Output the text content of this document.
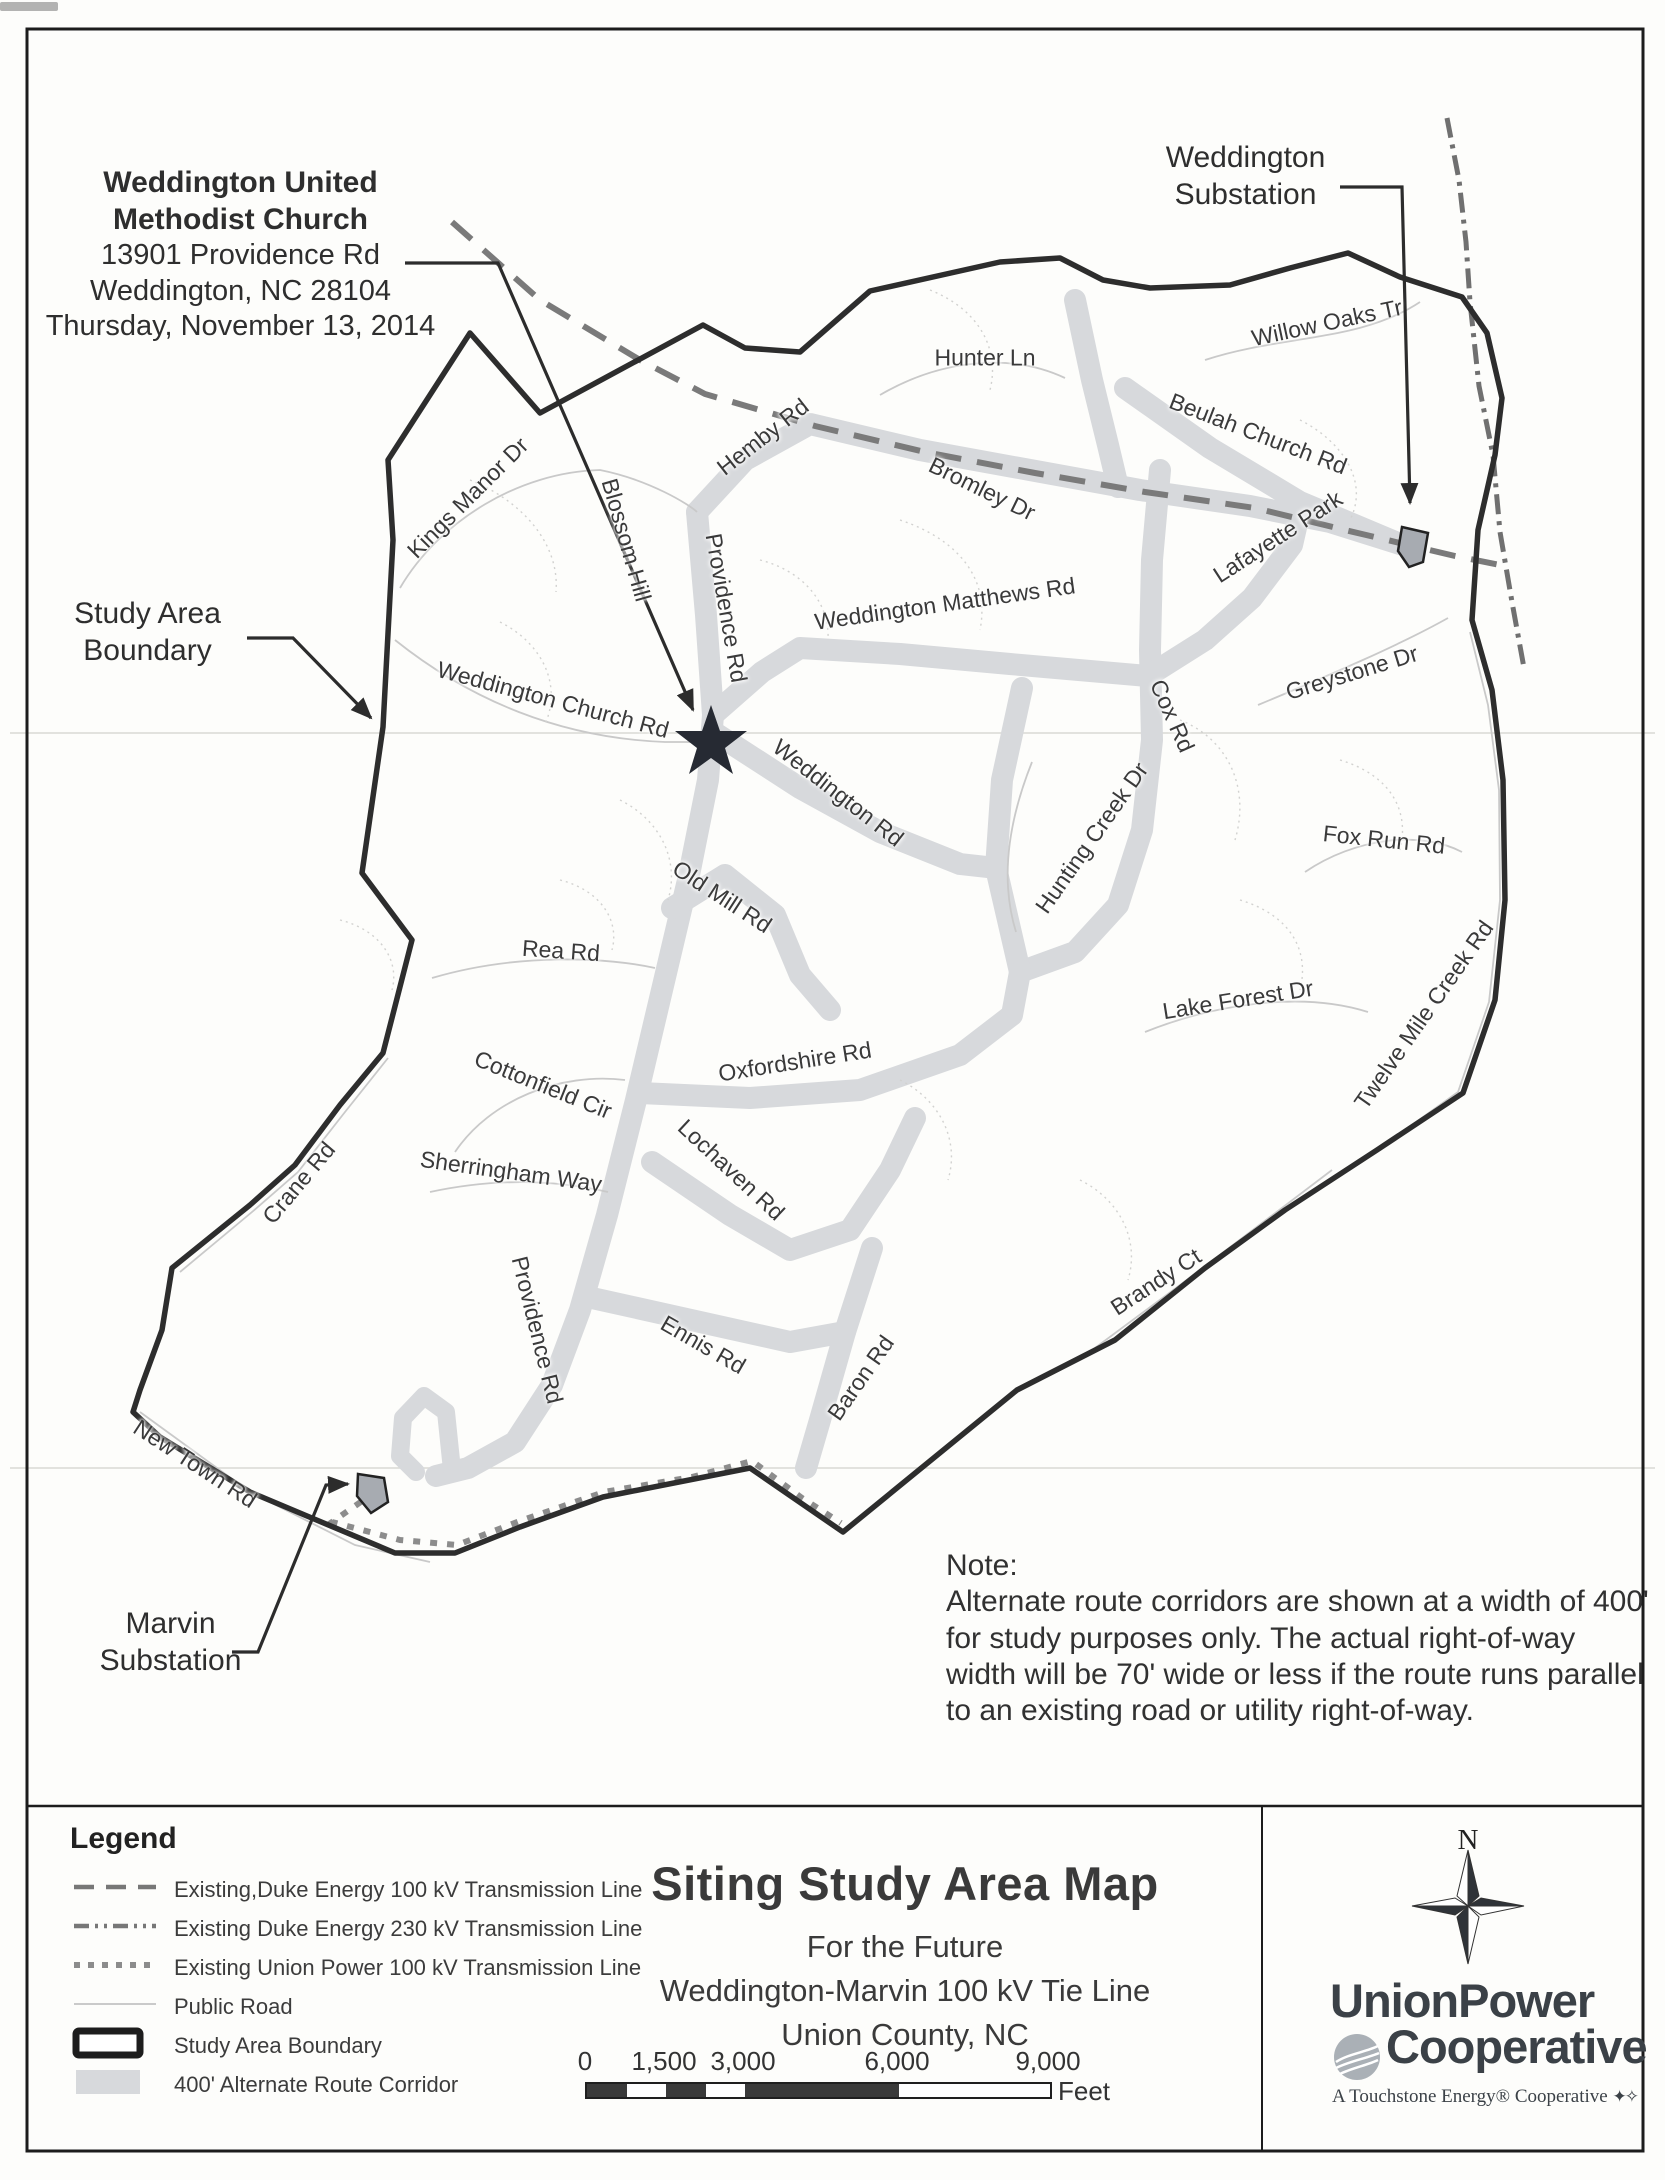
Hunter Ln
Willow Oaks Tr
Beulah Church Rd
Hemby Rd
Bromley Dr	Lafayette Park
Kings Manor Dr	Blossom Hill Providence Rd	Weddington Matthews Rd
Greystone Dr
Cox Rd
Weddington Church Rd
Weddington Rd	Hunting Creek Dr	Fox Run Rd
Old Mill Rd
Rea Rd
Lake Forest Dr Twelve Mile Creek Rd
Oxfordshire Rd
Cottonfield Cir
Sherringham Way	Lochaven Rd
Crane Rd
Providence Rd	Ennis Rd	Baron Rd
Brandy Ct
New Town Rd
Weddington United
Methodist Church
13901 Providence Rd
Weddington, NC 28104
Thursday, November 13, 2014
Weddington
Substation
Study Area
Boundary
Marvin
Substation
Note:
Alternate route corridors are shown at a width of 400' for study purposes only. The actual right-of-way width will be 70' wide or less if the route runs parallel to an existing road or utility right-of-way.
Legend
Existing,Duke Energy 100 kV Transmission Line
Existing Duke Energy 230 kV Transmission Line
Existing Union Power 100 kV Transmission Line
Public Road
Study Area Boundary
400' Alternate Route Corridor
Siting Study Area Map
For the Future
Weddington-Marvin 100 kV Tie Line
Union County, NC
0 1,500 3,000	6,000	9,000
Feet
N
UnionPower
Cooperative
A Touchstone Energy® Cooperative ✦✧
